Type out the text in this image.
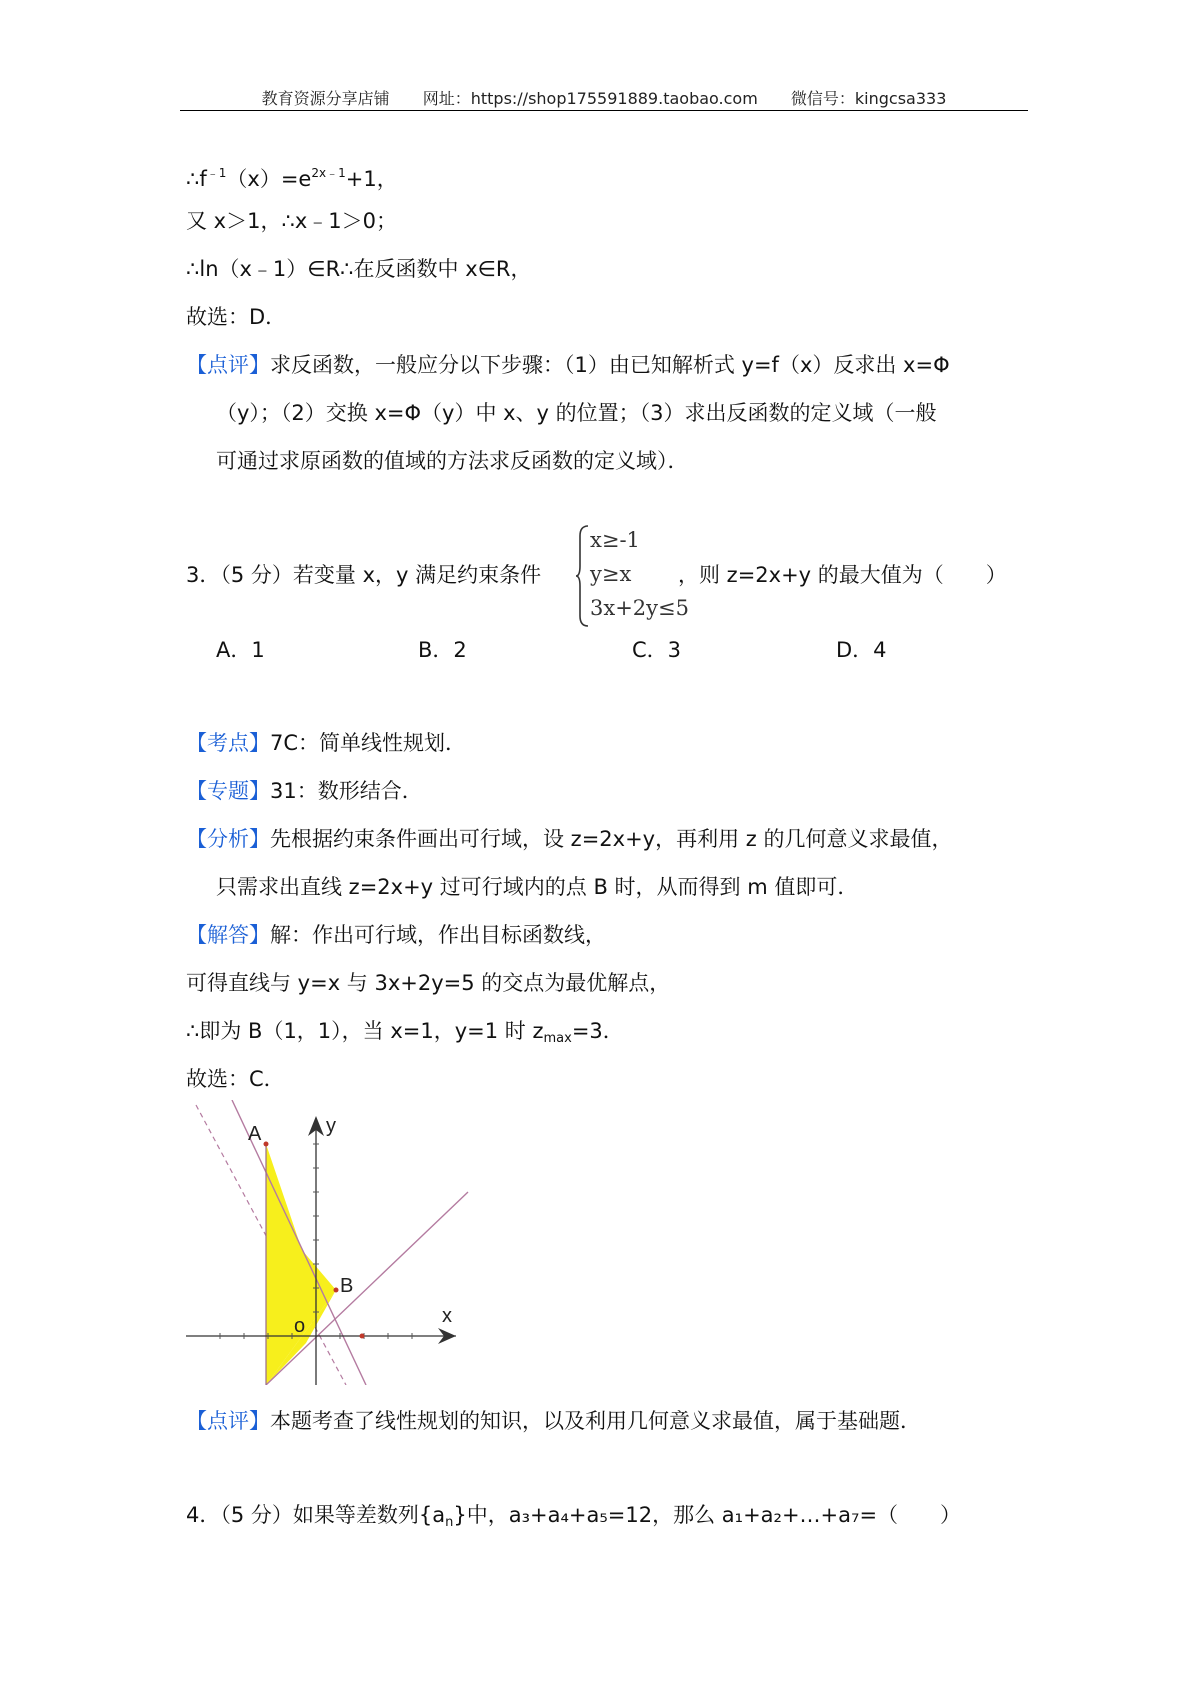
教育资源分享店铺 网址：https://shop175591889.taobao.com 微信号：kingcsa333
$\therefore f^{﹣1}(x)=e^{2x﹣1}+1$，
又 x＞1，∴x﹣1＞0；
∴ln（x﹣1）∈R∴在反函数中 x∈R，
故选：D．
【点评】求反函数，一般应分以下步骤：（1）由已知解析式 y=f（x）反求出 x=Φ
（y）；（2）交换 x=Φ（y）中 x、y 的位置；（3）求出反函数的定义域（一般
可通过求原函数的值域的方法求反函数的定义域）．
3．（5 分）若变量 x，y 满足约束条件
x≥-1
y≥x
3x+2y≤5
，则 z=2x+y 的最大值为（　　）
A．1	B．2	C．3	D．4
【考点】7C：简单线性规划．
【专题】31：数形结合．
【分析】先根据约束条件画出可行域，设 z=2x+y，再利用 z 的几何意义求最值，
只需求出直线 z=2x+y 过可行域内的点 B 时，从而得到 m 值即可．
【解答】解：作出可行域，作出目标函数线，
可得直线与 y=x 与 3x+2y=5 的交点为最优解点，
∴即为 B（1，1），当 x=1，y=1 时 $z_{max}=3$．
故选：C．
A
B
o	x
y
【点评】本题考查了线性规划的知识，以及利用几何意义求最值，属于基础题．
4．（5 分）如果等差数列$\{a_n\}$中，a₃+a₄+a₅=12，那么 a₁+a₂+…+a₇=（　　）
